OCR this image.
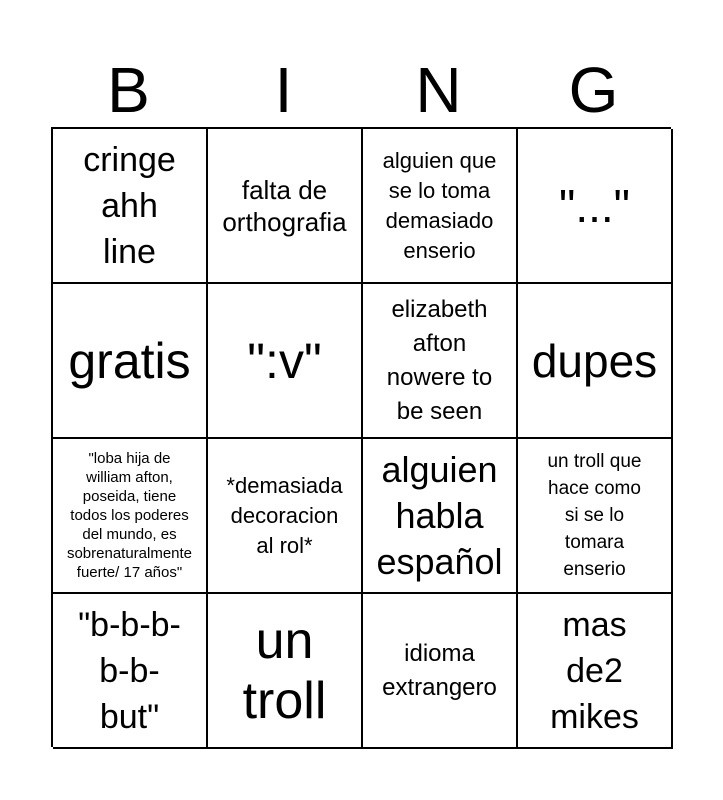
B	I	N	G
cringe
ahh
line
falta de
orthografia
alguien que
se lo toma
demasiado
enserio
"..."
gratis ":v"
elizabeth
afton
nowere to
be seen
dupes
"loba hija de
william afton,
poseida, tiene
todos los poderes
del mundo, es
sobrenaturalmente
fuerte/ 17 años"
*demasiada
decoracion
al rol*
alguien
habla
español
un troll que
hace como
si se lo
tomara
enserio
"b-b-b-
b-b-
but"
un
troll
idioma
extrangero
mas
de2
mikes
